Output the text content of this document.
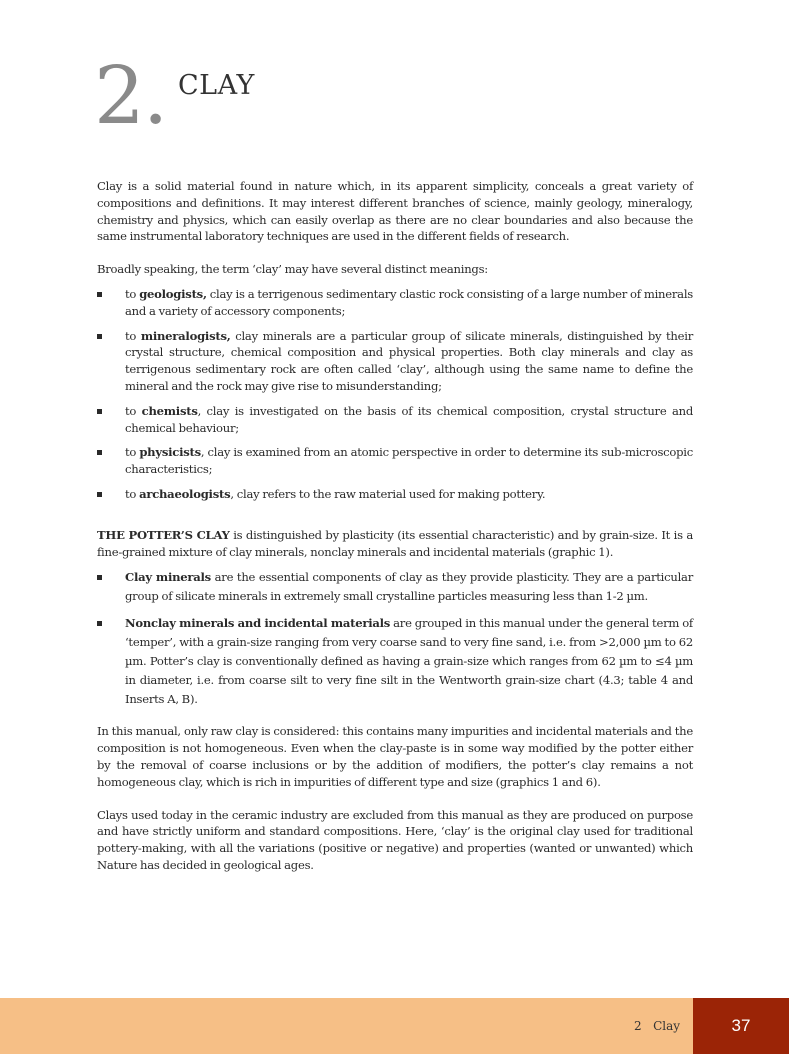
2. CLAY

Clay is a solid material found in nature which, in its apparent simplicity, conceals a great variety of compositions and definitions. It may interest different branches of science, mainly geology, mineralogy, chemistry and physics, which can easily overlap as there are no clear boundaries and also because the same instrumental laboratory techniques are used in the different fields of research.

Broadly speaking, the term ‘clay’ may have several distinct meanings:

to geologists, clay is a terrigenous sedimentary clastic rock consisting of a large number of minerals and a variety of accessory components;
to mineralogists, clay minerals are a particular group of silicate minerals, distinguished by their crystal structure, chemical composition and physical properties. Both clay minerals and clay as terrigenous sedimentary rock are often called ‘clay’, although using the same name to define the mineral and the rock may give rise to misunderstanding;
to chemists, clay is investigated on the basis of its chemical composition, crystal structure and chemical behaviour;
to physicists, clay is examined from an atomic perspective in order to determine its sub-microscopic characteristics;
to archaeologists, clay refers to the raw material used for making pottery.

THE POTTER’S CLAY is distinguished by plasticity (its essential characteristic) and by grain-size. It is a fine-grained mixture of clay minerals, nonclay minerals and incidental materials (graphic 1).

Clay minerals are the essential components of clay as they provide plasticity. They are a particular group of silicate minerals in extremely small crystalline particles measuring less than 1-2 µm.
Nonclay minerals and incidental materials are grouped in this manual under the general term of ‘temper’, with a grain-size ranging from very coarse sand to very fine sand, i.e. from >2,000 µm to 62 µm. Potter’s clay is conventionally defined as having a grain-size which ranges from 62 µm to ≤4 µm in diameter, i.e. from coarse silt to very fine silt in the Wentworth grain-size chart (4.3; table 4 and Inserts A, B).

In this manual, only raw clay is considered: this contains many impurities and incidental materials and the composition is not homogeneous. Even when the clay-paste is in some way modified by the potter either by the removal of coarse inclusions or by the addition of modifiers, the potter’s clay remains a not homogeneous clay, which is rich in impurities of different type and size (graphics 1 and 6).

Clays used today in the ceramic industry are excluded from this manual as they are produced on purpose and have strictly uniform and standard compositions. Here, ‘clay’ is the original clay used for traditional pottery-making, with all the variations (positive or negative) and properties (wanted or unwanted) which Nature has decided in geological ages.

2   Clay	37
